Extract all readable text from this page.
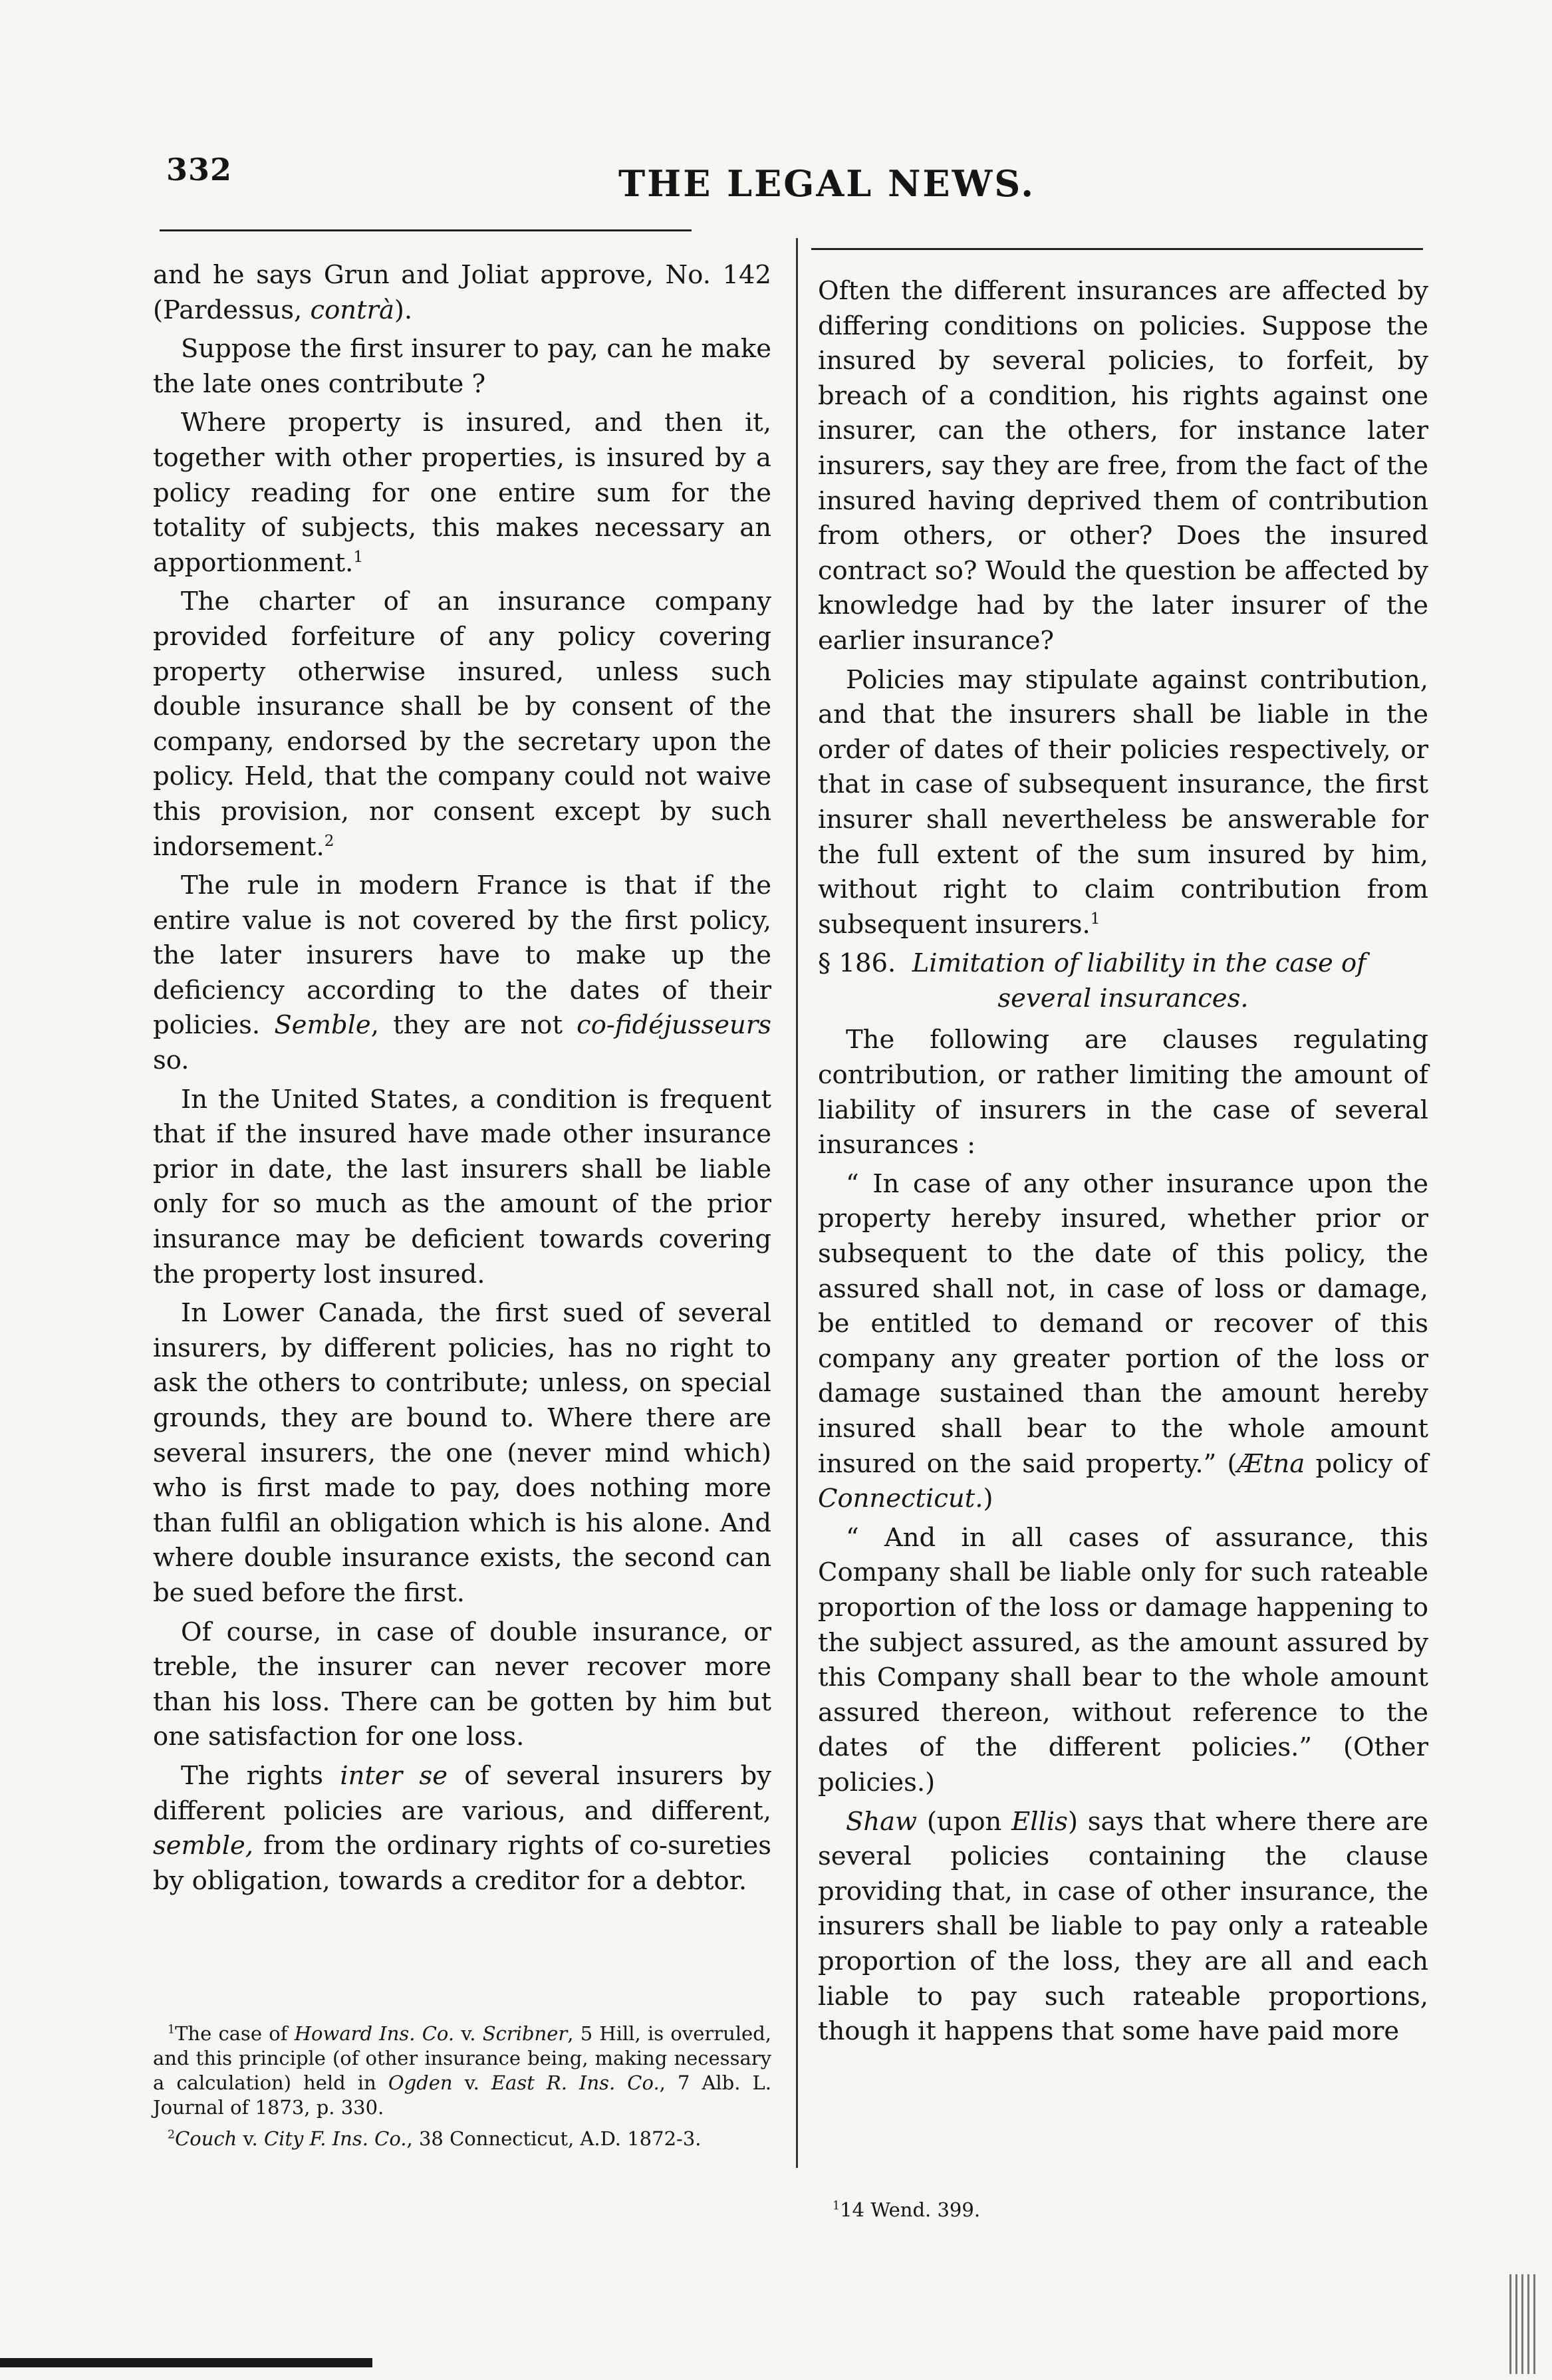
332	THE LEGAL NEWS.

and he says Grun and Joliat approve, No. 142 (Pardessus, contrà).

Suppose the first insurer to pay, can he make the late ones contribute ?

Where property is insured, and then it, together with other properties, is insured by a policy reading for one entire sum for the totality of subjects, this makes necessary an apportionment.$^1$

The charter of an insurance company provided forfeiture of any policy covering property otherwise insured, unless such double insurance shall be by consent of the company, endorsed by the secretary upon the policy. Held, that the company could not waive this provision, nor consent except by such indorsement.$^2$

The rule in modern France is that if the entire value is not covered by the first policy, the later insurers have to make up the deficiency according to the dates of their policies. Semble, they are not co-fidéjusseurs so.

In the United States, a condition is frequent that if the insured have made other insurance prior in date, the last insurers shall be liable only for so much as the amount of the prior insurance may be deficient towards covering the property lost insured.

In Lower Canada, the first sued of several insurers, by different policies, has no right to ask the others to contribute; unless, on special grounds, they are bound to. Where there are several insurers, the one (never mind which) who is first made to pay, does nothing more than fulfil an obligation which is his alone. And where double insurance exists, the second can be sued before the first.

Of course, in case of double insurance, or treble, the insurer can never recover more than his loss. There can be gotten by him but one satisfaction for one loss.

The rights inter se of several insurers by different policies are various, and different, semble, from the ordinary rights of co-sureties by obligation, towards a creditor for a debtor.

$^1$The case of Howard Ins. Co. v. Scribner, 5 Hill, is overruled, and this principle (of other insurance being, making necessary a calculation) held in Ogden v. East R. Ins. Co., 7 Alb. L. Journal of 1873, p. 330.

$^2$Couch v. City F. Ins. Co., 38 Connecticut, A.D. 1872-3.

Often the different insurances are affected by differing conditions on policies. Suppose the insured by several policies, to forfeit, by breach of a condition, his rights against one insurer, can the others, for instance later insurers, say they are free, from the fact of the insured having deprived them of contribution from others, or other? Does the insured contract so? Would the question be affected by knowledge had by the later insurer of the earlier insurance?

Policies may stipulate against contribution, and that the insurers shall be liable in the order of dates of their policies respectively, or that in case of subsequent insurance, the first insurer shall nevertheless be answerable for the full extent of the sum insured by him, without right to claim contribution from subsequent insurers.$^1$

§ 186. Limitation of liability in the case of
several insurances.

The following are clauses regulating contribution, or rather limiting the amount of liability of insurers in the case of several insurances :

“ In case of any other insurance upon the property hereby insured, whether prior or subsequent to the date of this policy, the assured shall not, in case of loss or damage, be entitled to demand or recover of this company any greater portion of the loss or damage sustained than the amount hereby insured shall bear to the whole amount insured on the said property.” (Ætna policy of Connecticut.)

“ And in all cases of assurance, this Company shall be liable only for such rateable proportion of the loss or damage happening to the subject assured, as the amount assured by this Company shall bear to the whole amount assured thereon, without reference to the dates of the different policies.” (Other policies.)

Shaw (upon Ellis) says that where there are several policies containing the clause providing that, in case of other insurance, the insurers shall be liable to pay only a rateable proportion of the loss, they are all and each liable to pay such rateable proportions, though it happens that some have paid more

$^1$14 Wend. 399.
